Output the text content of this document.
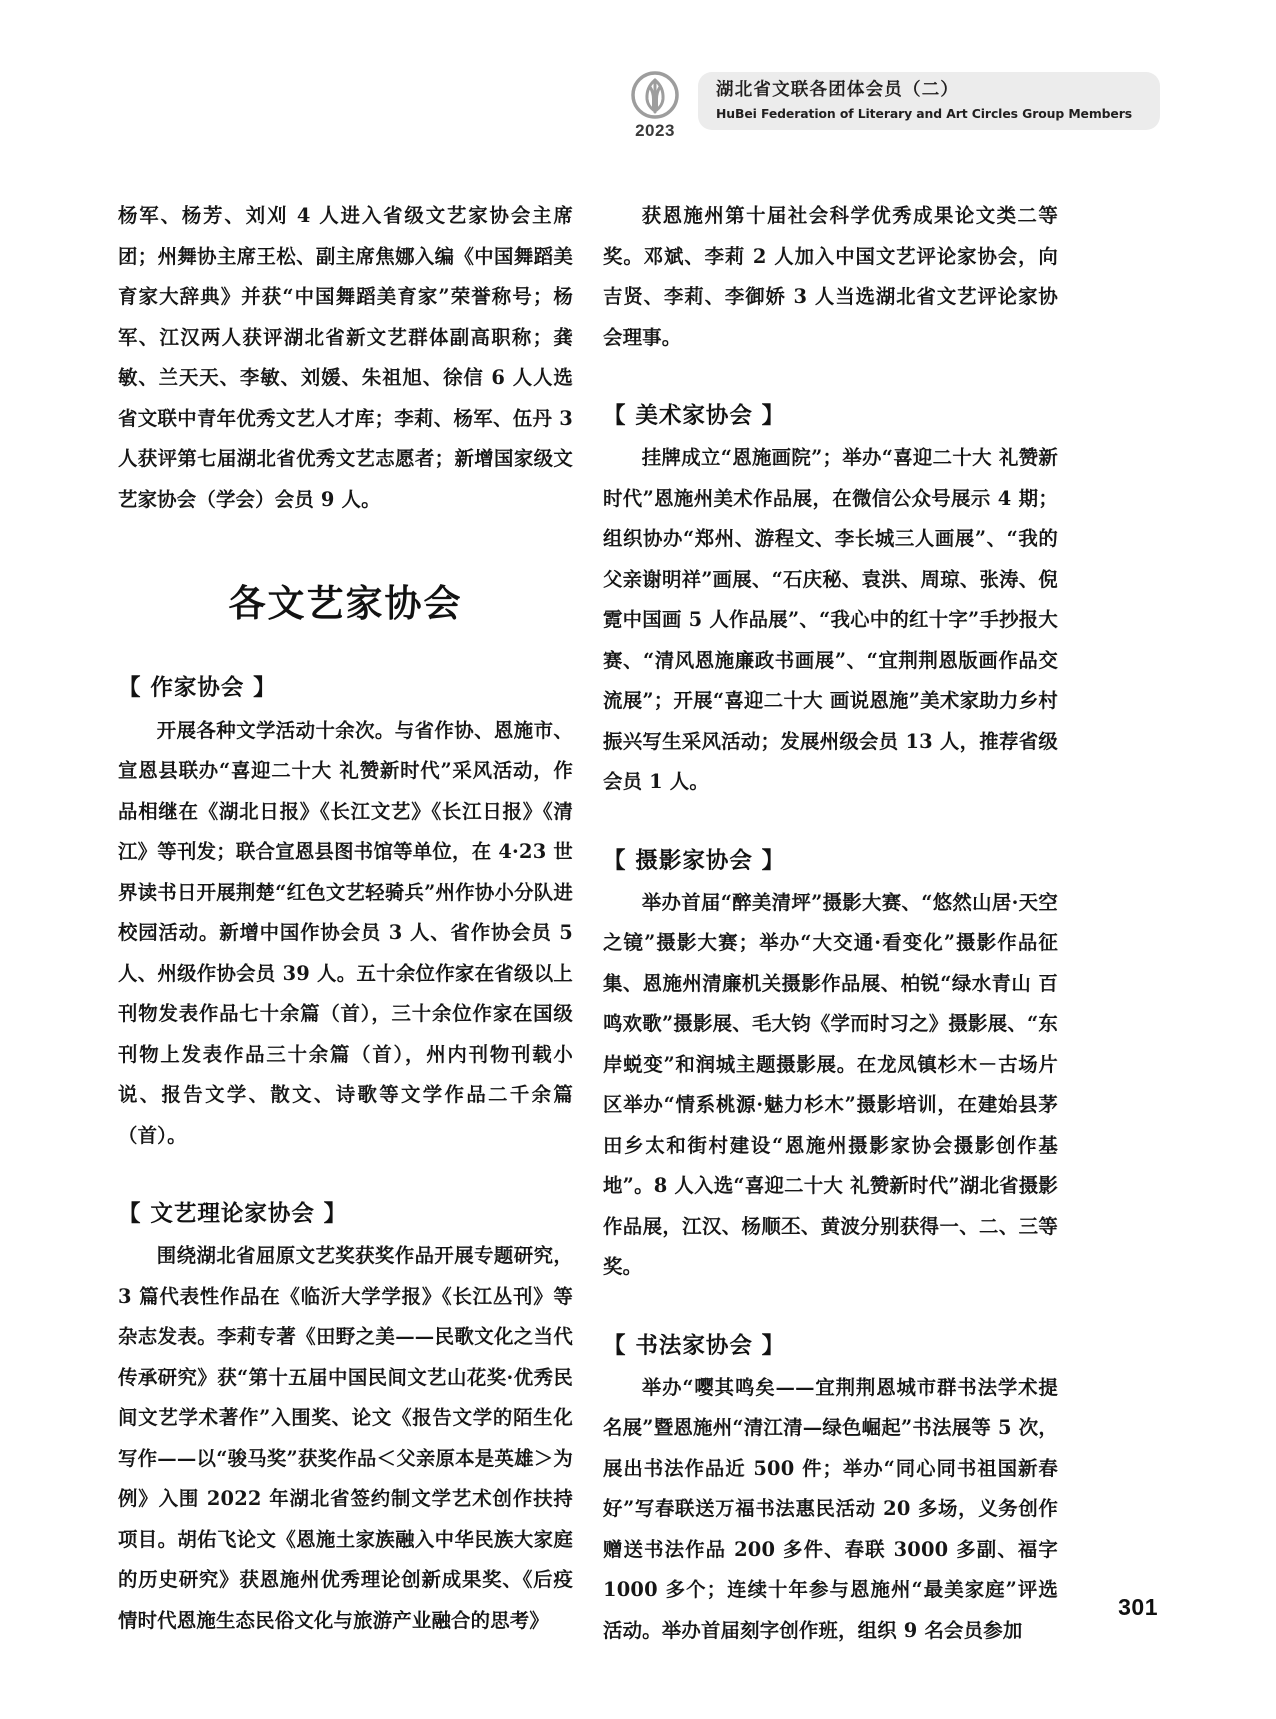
2023
湖北省文联各团体会员（二）
HuBei Federation of Literary and Art Circles Group Members

杨军、杨芳、刘刈 4 人进入省级文艺家协会主席团；州舞协主席王松、副主席焦娜入编《中国舞蹈美育家大辞典》并获“中国舞蹈美育家”荣誉称号；杨军、江汉两人获评湖北省新文艺群体副高职称；龚敏、兰天天、李敏、刘媛、朱祖旭、徐信 6 人人选省文联中青年优秀文艺人才库；李莉、杨军、伍丹 3 人获评第七届湖北省优秀文艺志愿者；新增国家级文艺家协会（学会）会员 9 人。

各文艺家协会
【 作家协会 】

开展各种文学活动十余次。与省作协、恩施市、宣恩县联办“喜迎二十大 礼赞新时代”采风活动，作品相继在《湖北日报》《长江文艺》《长江日报》《清江》等刊发；联合宣恩县图书馆等单位，在 4·23 世界读书日开展荆楚“红色文艺轻骑兵”州作协小分队进校园活动。新增中国作协会员 3 人、省作协会员 5 人、州级作协会员 39 人。五十余位作家在省级以上刊物发表作品七十余篇（首），三十余位作家在国级刊物上发表作品三十余篇（首），州内刊物刊载小说、报告文学、散文、诗歌等文学作品二千余篇（首）。

【 文艺理论家协会 】

围绕湖北省屈原文艺奖获奖作品开展专题研究，3 篇代表性作品在《临沂大学学报》《长江丛刊》等杂志发表。李莉专著《田野之美——民歌文化之当代传承研究》获“第十五届中国民间文艺山花奖·优秀民间文艺学术著作”入围奖、论文《报告文学的陌生化写作——以“骏马奖”获奖作品＜父亲原本是英雄＞为例》入围 2022 年湖北省签约制文学艺术创作扶持项目。胡佑飞论文《恩施土家族融入中华民族大家庭的历史研究》获恩施州优秀理论创新成果奖、《后疫情时代恩施生态民俗文化与旅游产业融合的思考》

获恩施州第十届社会科学优秀成果论文类二等奖。邓斌、李莉 2 人加入中国文艺评论家协会，向吉贤、李莉、李御娇 3 人当选湖北省文艺评论家协会理事。

【 美术家协会 】

挂牌成立“恩施画院”；举办“喜迎二十大 礼赞新时代”恩施州美术作品展，在微信公众号展示 4 期；组织协办“郑州、游程文、李长城三人画展”、“我的父亲谢明祥”画展、“石庆秘、袁洪、周琼、张涛、倪霓中国画 5 人作品展”、“我心中的红十字”手抄报大赛、“清风恩施廉政书画展”、“宜荆荆恩版画作品交流展”；开展“喜迎二十大 画说恩施”美术家助力乡村振兴写生采风活动；发展州级会员 13 人，推荐省级会员 1 人。

【 摄影家协会 】

举办首届“醉美清坪”摄影大赛、“悠然山居·天空之镜”摄影大赛；举办“大交通·看变化”摄影作品征集、恩施州清廉机关摄影作品展、柏锐“绿水青山 百鸣欢歌”摄影展、毛大钧《学而时习之》摄影展、“东岸蜕变”和润城主题摄影展。在龙凤镇杉木－古场片区举办“情系桃源·魅力杉木”摄影培训，在建始县茅田乡太和街村建设“恩施州摄影家协会摄影创作基地”。8 人入选“喜迎二十大 礼赞新时代”湖北省摄影作品展，江汉、杨顺丕、黄波分别获得一、二、三等奖。

【 书法家协会 】

举办“嘤其鸣矣——宜荆荆恩城市群书法学术提名展”暨恩施州“清江清—绿色崛起”书法展等 5 次，展出书法作品近 500 件；举办“同心同书祖国新春好”写春联送万福书法惠民活动 20 多场，义务创作赠送书法作品 200 多件、春联 3000 多副、福字 1000 多个；连续十年参与恩施州“最美家庭”评选活动。举办首届刻字创作班，组织 9 名会员参加

301
